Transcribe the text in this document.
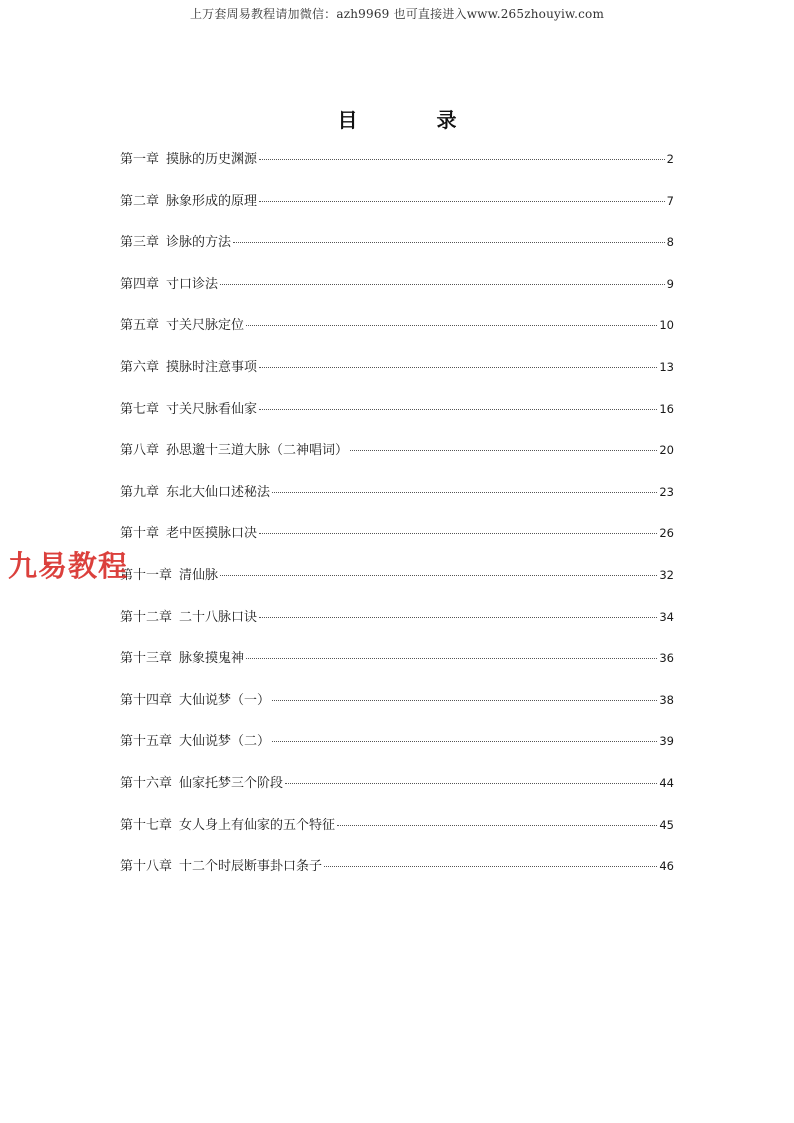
上万套周易教程请加微信：azh9969 也可直接进入www.265zhouyiw.com
目 录
第一章 摸脉的历史渊源	2
第二章 脉象形成的原理	7
第三章 诊脉的方法	8
第四章 寸口诊法	9
第五章 寸关尺脉定位	10
第六章 摸脉时注意事项	13
第七章 寸关尺脉看仙家	16
第八章 孙思邈十三道大脉（二神唱词）	20
第九章 东北大仙口述秘法	23
第十章 老中医摸脉口决	26
第十一章 清仙脉	32
第十二章 二十八脉口诀	34
第十三章 脉象摸鬼神	36
第十四章 大仙说梦（一）	38
第十五章 大仙说梦（二）	39
第十六章 仙家托梦三个阶段	44
第十七章 女人身上有仙家的五个特征	45
第十八章 十二个时辰断事卦口条子	46
九易教程
